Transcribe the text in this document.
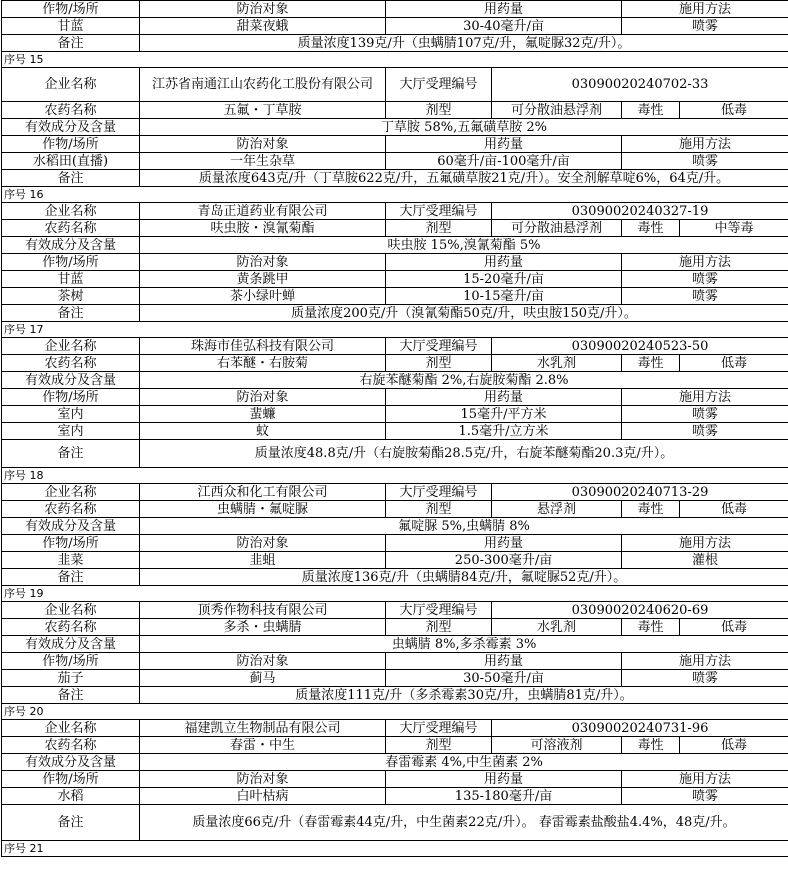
作物/场所	防治对象	用药量		施用方法	
甘蓝	甜菜夜蛾	30-40毫升/亩		喷雾	
备注	质量浓度139克/升（虫螨腈107克/升，氟啶脲32克/升）。				
序号 15					
企业名称	江苏省南通江山农药化工股份有限公司	大厅受理编号	03090020240702-33		
农药名称	五氟・丁草胺	剂型	可分散油悬浮剂	毒性	低毒
有效成分及含量	丁草胺 58%,五氟磺草胺 2%				
作物/场所	防治对象	用药量		施用方法	
水稻田(直播)	一年生杂草	60毫升/亩-100毫升/亩		喷雾	
备注	质量浓度643克/升（丁草胺622克/升，五氟磺草胺21克/升）。安全剂解草啶6%，64克/升。				
序号 16					
企业名称	青岛正道药业有限公司	大厅受理编号	03090020240327-19		
农药名称	呋虫胺・溴氰菊酯	剂型	可分散油悬浮剂	毒性	中等毒
有效成分及含量	呋虫胺 15%,溴氰菊酯 5%				
作物/场所	防治对象	用药量		施用方法	
甘蓝	黄条跳甲	15-20毫升/亩		喷雾	
茶树	茶小绿叶蝉	10-15毫升/亩		喷雾	
备注	质量浓度200克/升（溴氰菊酯50克/升，呋虫胺150克/升）。				
序号 17					
企业名称	珠海市佳弘科技有限公司	大厅受理编号	03090020240523-50		
农药名称	右苯醚・右胺菊	剂型	水乳剂	毒性	低毒
有效成分及含量	右旋苯醚菊酯 2%,右旋胺菊酯 2.8%				
作物/场所	防治对象	用药量		施用方法	
室内	蜚蠊	15毫升/平方米		喷雾	
室内	蚊	1.5毫升/立方米		喷雾	
备注	质量浓度48.8克/升（右旋胺菊酯28.5克/升，右旋苯醚菊酯20.3克/升）。				
序号 18					
企业名称	江西众和化工有限公司	大厅受理编号	03090020240713-29		
农药名称	虫螨腈・氟啶脲	剂型	悬浮剂	毒性	低毒
有效成分及含量	氟啶脲 5%,虫螨腈 8%				
作物/场所	防治对象	用药量		施用方法	
韭菜	韭蛆	250-300毫升/亩		灌根	
备注	质量浓度136克/升（虫螨腈84克/升，氟啶脲52克/升）。				
序号 19					
企业名称	顶秀作物科技有限公司	大厅受理编号	03090020240620-69		
农药名称	多杀・虫螨腈	剂型	水乳剂	毒性	低毒
有效成分及含量	虫螨腈 8%,多杀霉素 3%				
作物/场所	防治对象	用药量		施用方法	
茄子	蓟马	30-50毫升/亩		喷雾	
备注	质量浓度111克/升（多杀霉素30克/升，虫螨腈81克/升）。				
序号 20					
企业名称	福建凯立生物制品有限公司	大厅受理编号	03090020240731-96		
农药名称	春雷・中生	剂型	可溶液剂	毒性	低毒
有效成分及含量	春雷霉素 4%,中生菌素 2%				
作物/场所	防治对象	用药量		施用方法	
水稻	白叶枯病	135-180毫升/亩		喷雾	
备注	质量浓度66克/升（春雷霉素44克/升，中生菌素22克/升）。 春雷霉素盐酸盐4.4%，48克/升。				
序号 21					
